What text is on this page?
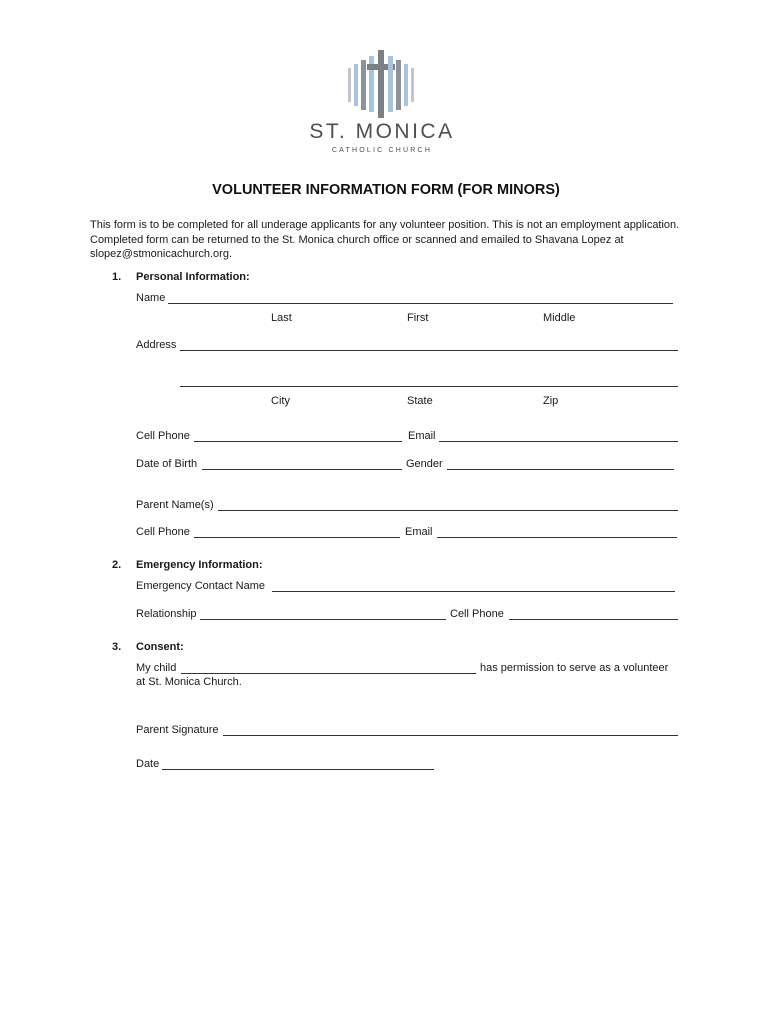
ST. MONICA
CATHOLIC CHURCH
VOLUNTEER INFORMATION FORM (FOR MINORS)
This form is to be completed for all underage applicants for any volunteer position. This is not an employment application. Completed form can be returned to the St. Monica church office or scanned and emailed to Shavana Lopez at slopez@stmonicachurch.org.
1. Personal Information:
Name
Last	First	Middle
Address
City	State	Zip
Cell Phone	Email
Date of Birth	Gender
Parent Name(s)
Cell Phone	Email
2. Emergency Information:
Emergency Contact Name
Relationship	Cell Phone
3. Consent:
My child	has permission to serve as a volunteer
at St. Monica Church.
Parent Signature
Date
